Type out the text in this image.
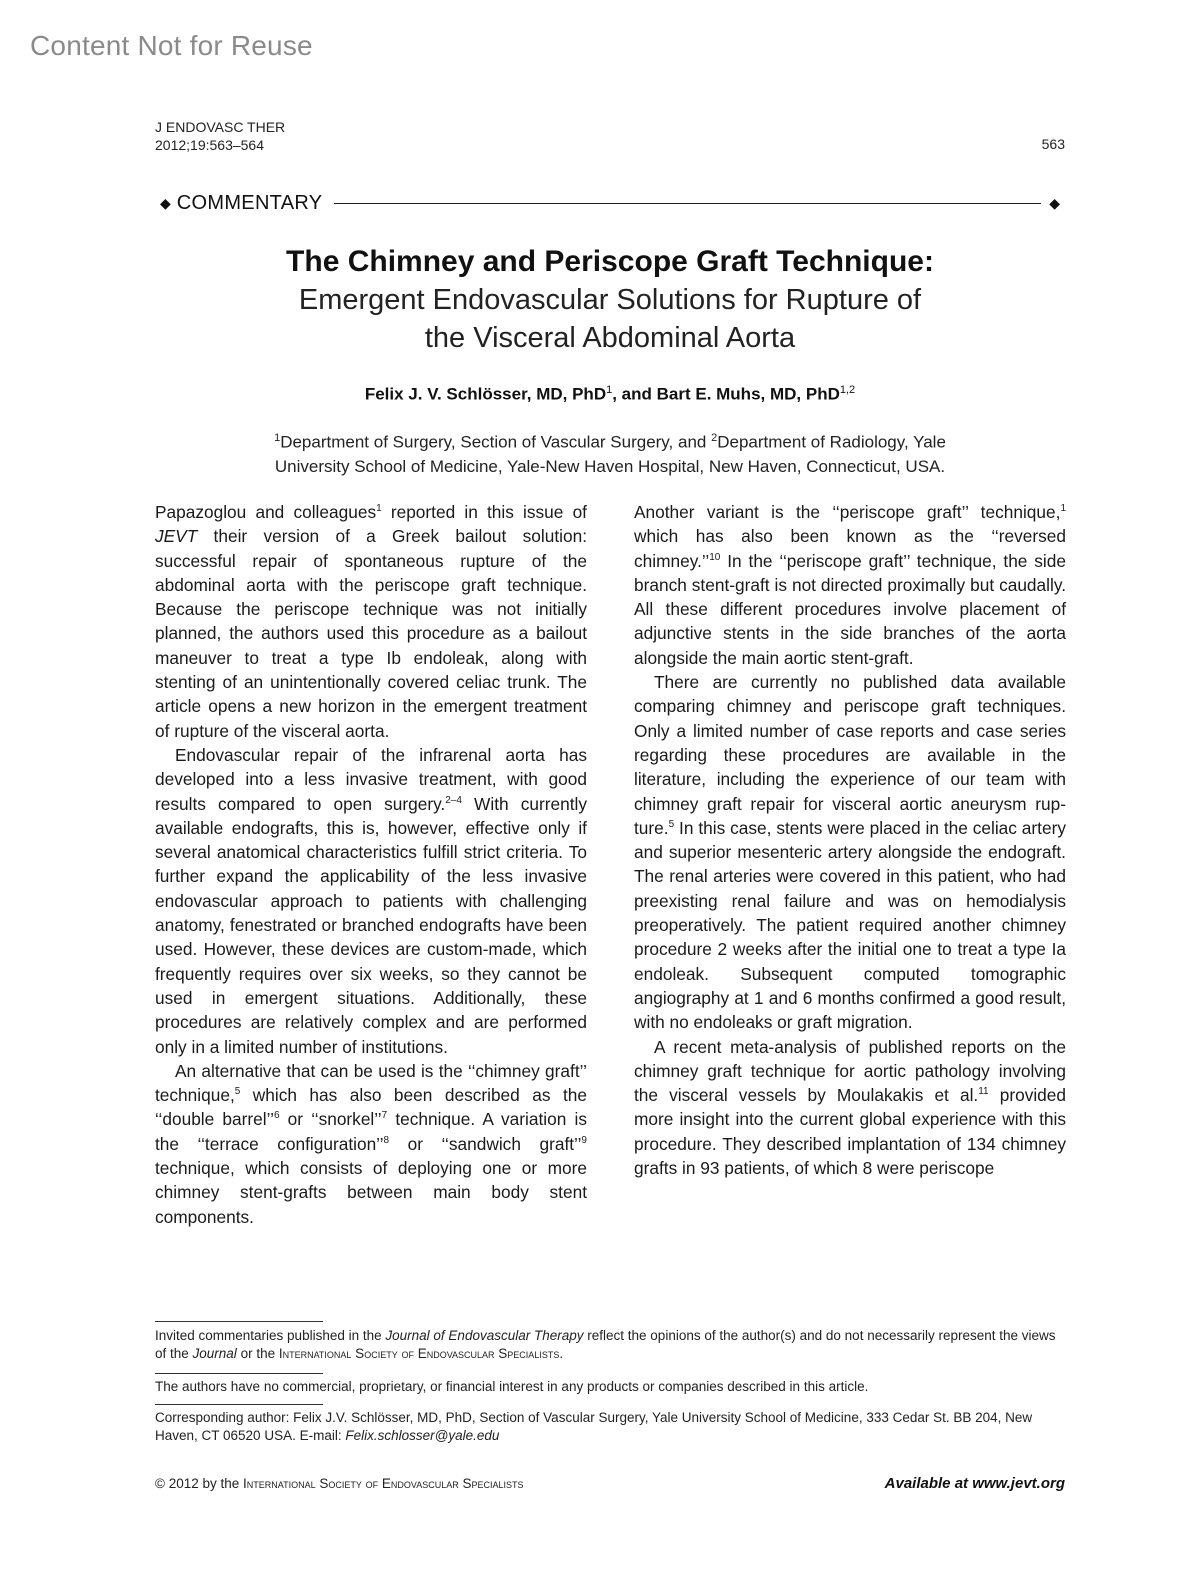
Content Not for Reuse
J ENDOVASC THER
2012;19:563–564	563
◆ COMMENTARY	◆
The Chimney and Periscope Graft Technique:
Emergent Endovascular Solutions for Rupture of
the Visceral Abdominal Aorta
Felix J. V. Schlösser, MD, PhD$^1$, and Bart E. Muhs, MD, PhD$^{1,2}$
$^1$Department of Surgery, Section of Vascular Surgery, and $^2$Department of Radiology, Yale
University School of Medicine, Yale-New Haven Hospital, New Haven, Connecticut, USA.

Papazoglou and colleagues$^1$ reported in this issue of JEVT their version of a Greek bailout solution: successful repair of spontaneous rupture of the abdominal aorta with the periscope graft technique. Because the periscope technique was not initially planned, the authors used this procedure as a bailout maneuver to treat a type Ib endoleak, along with stenting of an unintentionally covered celiac trunk. The article opens a new horizon in the emergent treatment of rupture of the visceral aorta.

Endovascular repair of the infrarenal aorta has developed into a less invasive treatment, with good results compared to open surgery.$^{2-4}$ With currently available endografts, this is, however, effective only if several anatomical characteristics fulfill strict criteria. To further expand the applicability of the less invasive endovascular approach to patients with challenging anatomy, fenestrated or branched endografts have been used. However, these devices are custom-made, which frequently requires over six weeks, so they cannot be used in emergent situations. Additionally, these procedures are relatively complex and are performed only in a limited number of institutions.

An alternative that can be used is the ‘‘chimney graft’’ technique,$^5$ which has also been described as the ‘‘double barrel’’$^6$ or ‘‘snorkel’’$^7$ technique. A variation is the ‘‘terrace configuration’’$^8$ or ‘‘sandwich graft’’$^9$ technique, which consists of deploying one or more chimney stent-grafts between main body stent components.

Another variant is the ‘‘periscope graft’’ technique,$^1$ which has also been known as the ‘‘reversed chimney.’’$^{10}$ In the ‘‘periscope graft’’ technique, the side branch stent-graft is not directed proximally but caudally. All these different procedures involve placement of adjunctive stents in the side branches of the aorta alongside the main aortic stent-graft.

There are currently no published data available comparing chimney and periscope graft techniques. Only a limited number of case reports and case series regarding these procedures are available in the literature, including the experience of our team with chimney graft repair for visceral aortic aneurysm rupture.$^5$ In this case, stents were placed in the celiac artery and superior mesenteric artery alongside the endograft. The renal arteries were covered in this patient, who had preexisting renal failure and was on hemodialysis preoperatively. The patient required another chimney procedure 2 weeks after the initial one to treat a type Ia endoleak. Subsequent computed tomographic angiography at 1 and 6 months confirmed a good result, with no endoleaks or graft migration.

A recent meta-analysis of published reports on the chimney graft technique for aortic pathology involving the visceral vessels by Moulakakis et al.$^{11}$ provided more insight into the current global experience with this procedure. They described implantation of 134 chimney grafts in 93 patients, of which 8 were periscope

Invited commentaries published in the Journal of Endovascular Therapy reflect the opinions of the author(s) and do not necessarily represent the views of the Journal or the International Society of Endovascular Specialists.
The authors have no commercial, proprietary, or financial interest in any products or companies described in this article.
Corresponding author: Felix J.V. Schlösser, MD, PhD, Section of Vascular Surgery, Yale University School of Medicine, 333 Cedar St. BB 204, New Haven, CT 06520 USA. E-mail: Felix.schlosser@yale.edu
© 2012 by the International Society of Endovascular Specialists	Available at www.jevt.org
